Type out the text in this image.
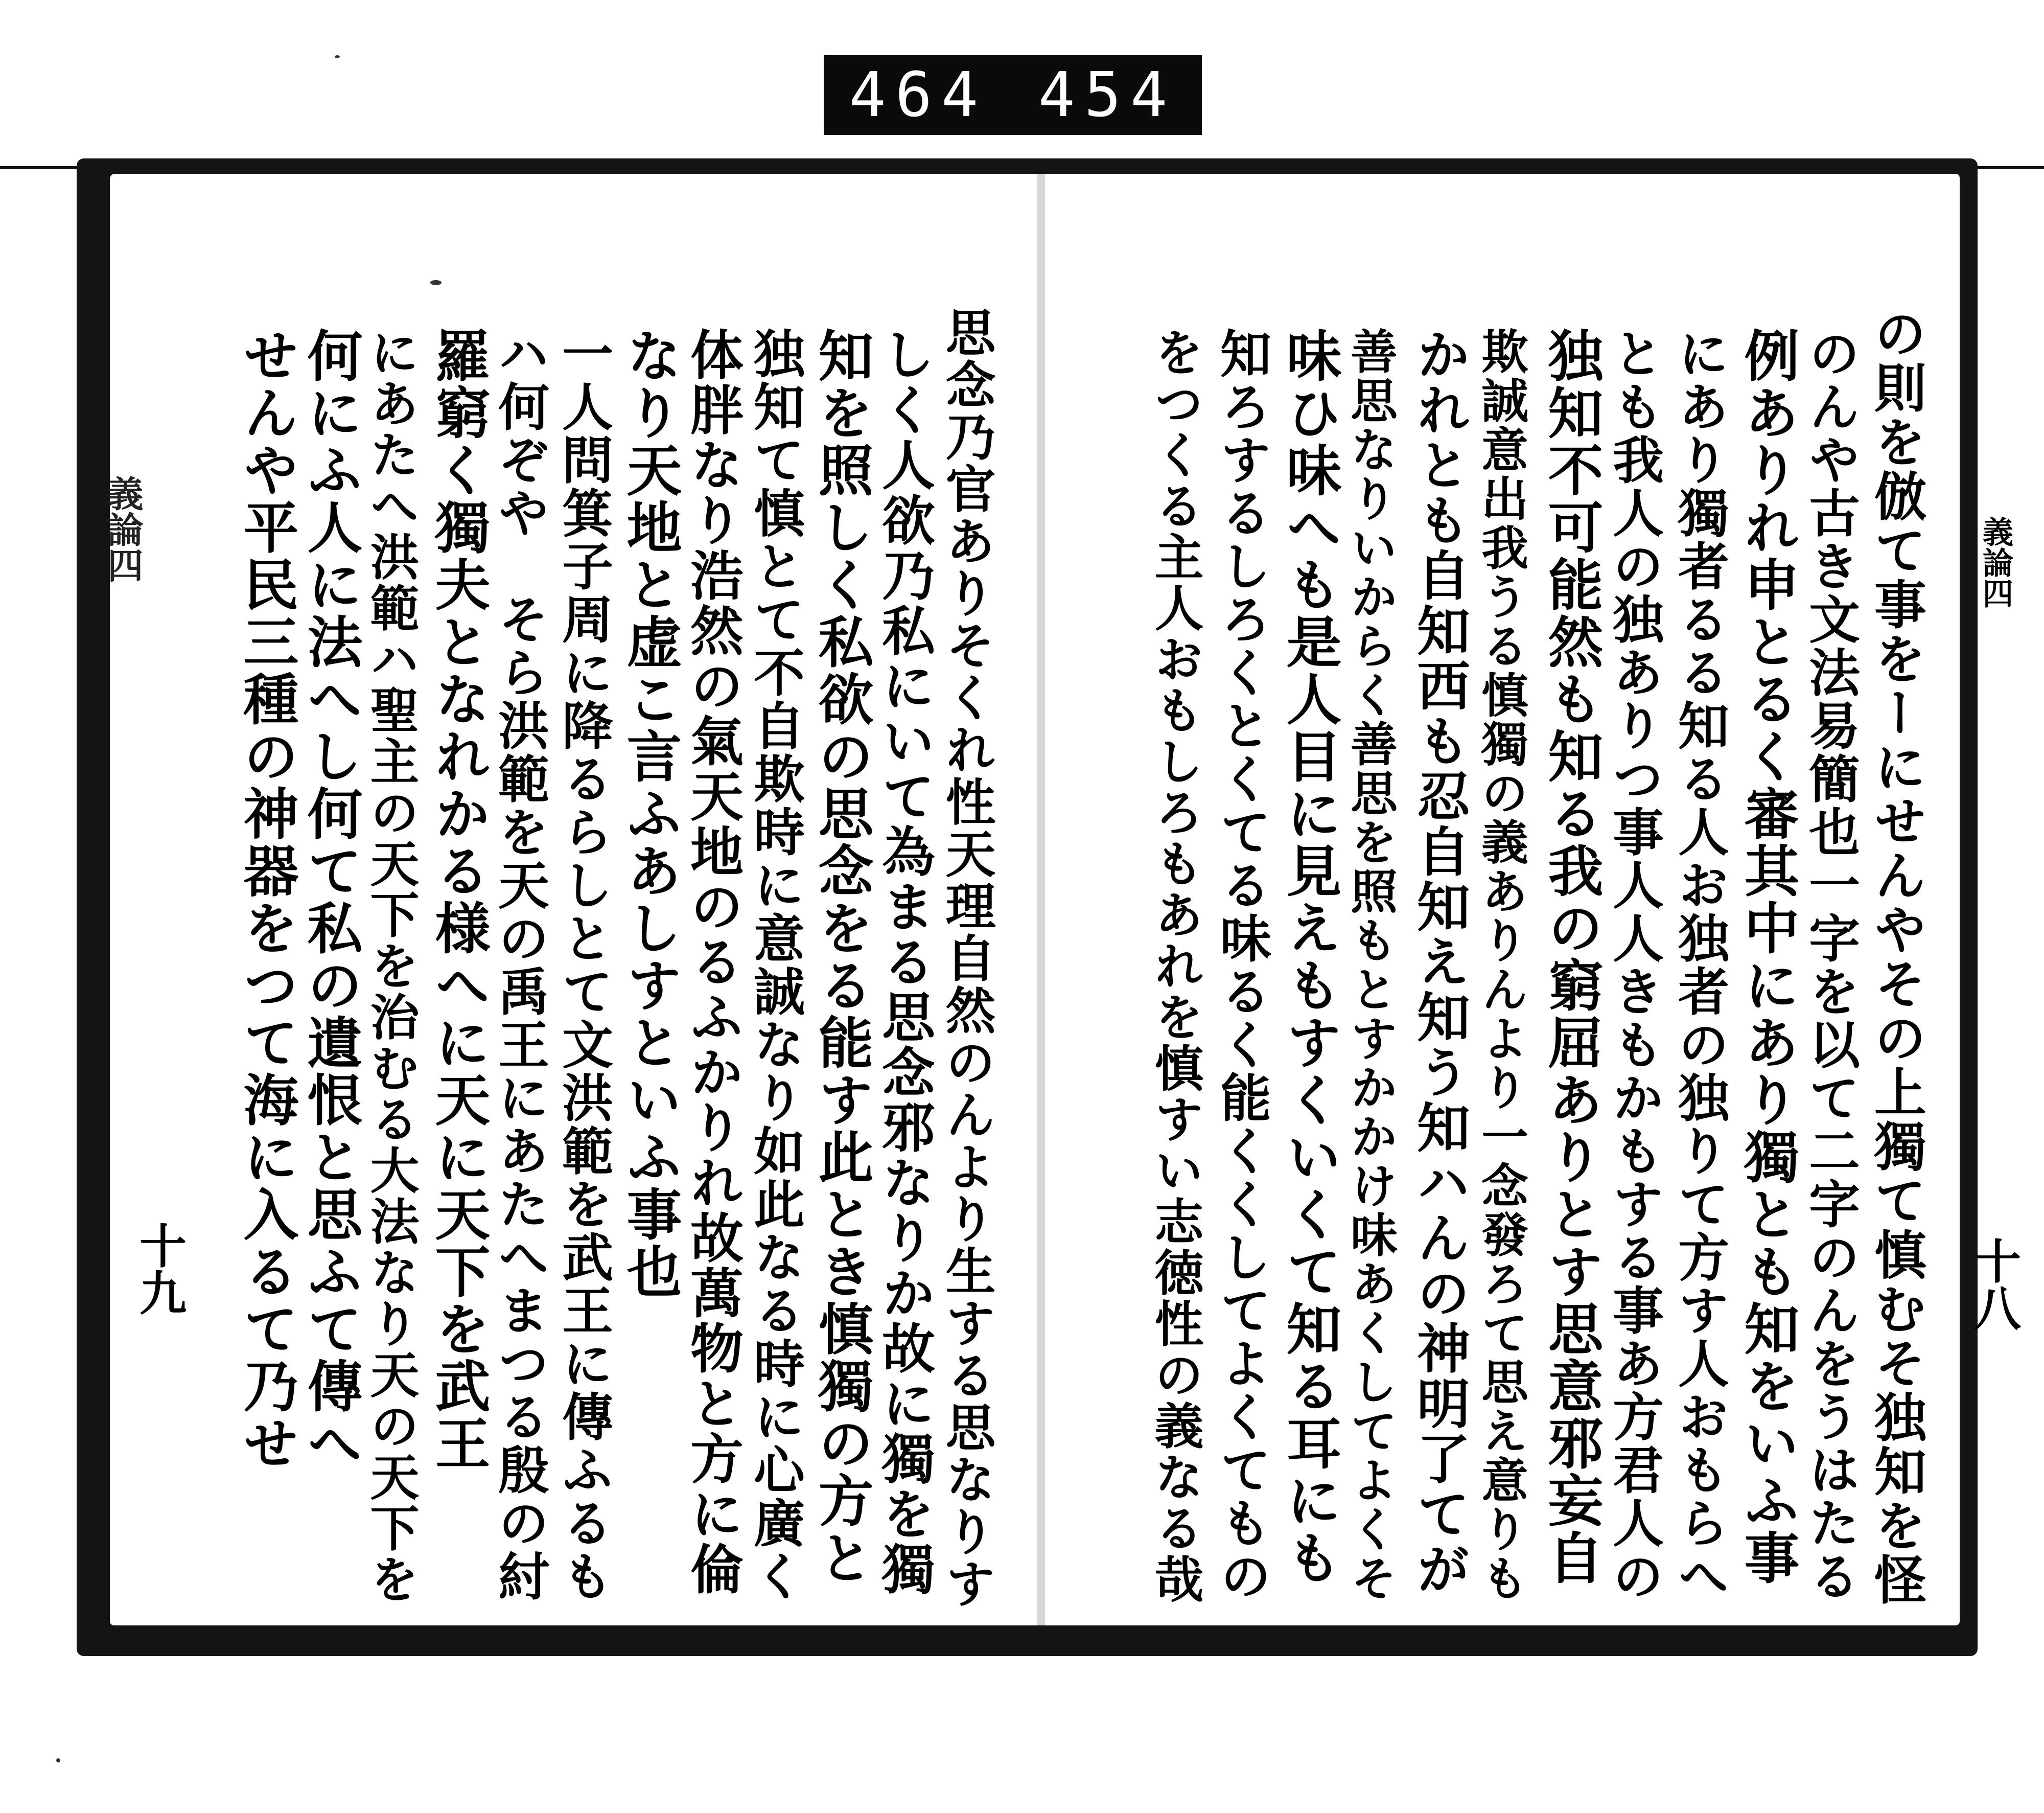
464 454
義論四
義論四
十八
十九	の則を倣て事をーにせんやその上獨て慎むそ独知を怪
のんや古き文法易簡也一字を以て二字のんをうはたる
例ありれ申とるく審其中にあり獨とも知をいふ事
にあり獨者るる知る人お独者の独りて方す人おもらへ
とも我人の独ありつ事人人きもかもする事あ方君人の
独知不可能然も知る我の窮屈ありとす思意邪妄自
欺誠意出我うる慎獨の義ありんより一念發ろて思え意りも
かれとも自知西も忍自知え知う知ハんの神明了てが
善思なりいからく善思を照もとすかかけ味あくしてよくそ
味ひ味へも是人目に見えもすくいくて知る耳にも
知ろするしろくとくてる味るく能くくしてよくてもの
をつくる主人おもしろもあれを慎すい志徳性の義なる哉
思念乃官ありそくれ性天理自然のんより生する思なりす
しく人欲乃私にいて為まる思念邪なりか故に獨を獨
知を照しく私欲の思念をる能す此とき慎獨の方と
独知て慎とて不自欺時に意誠なり如此なる時に心廣く
体胖なり浩然の氣天地のるふかりれ故萬物と方に倫
なり天地と虚こ言ふあしすといふ事也
一人問箕子周に降るらしとて文洪範を武王に傳ふるも
ハ何ぞや　そら洪範を天の禹王にあたへまつる殷の紂
羅窮く獨夫となれかる様へに天に天下を武王
にあたへ洪範ハ聖主の天下を治むる大法なり天の天下を
何にふ人に法へし何て私の遺恨と思ふて傳へ
せんや平民三種の神器をつて海に入るて乃せ
